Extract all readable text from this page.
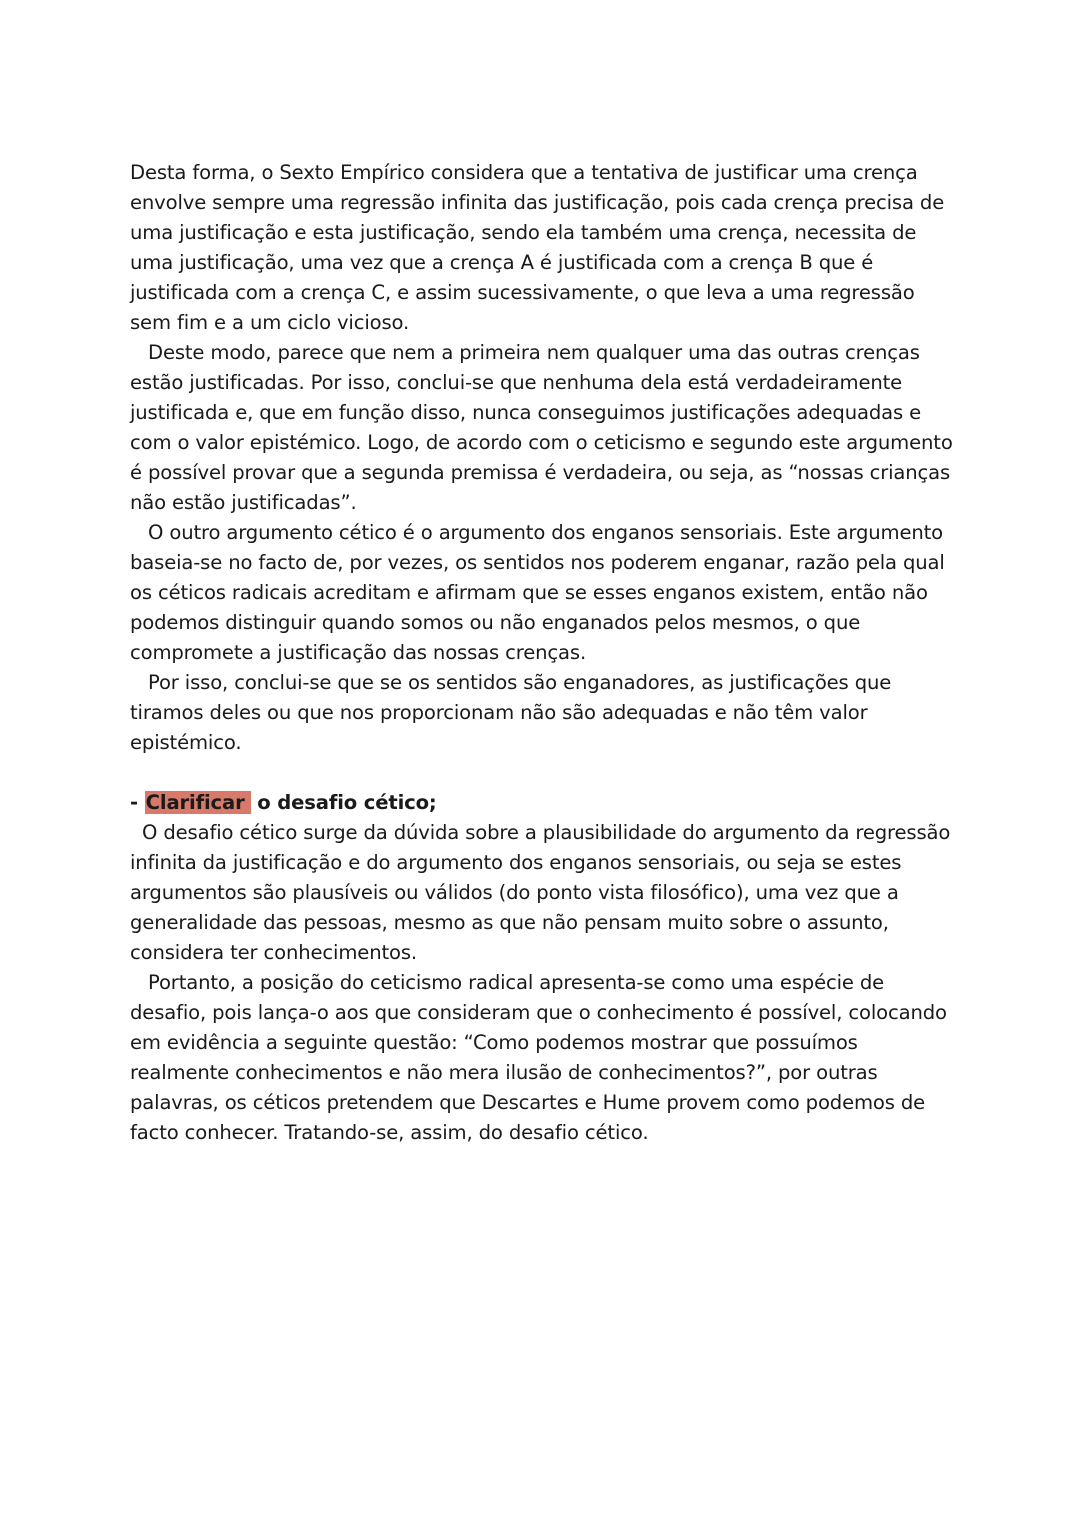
Desta forma, o Sexto Empírico considera que a tentativa de justificar uma crença envolve sempre uma regressão infinita das justificação, pois cada crença precisa de uma justificação e esta justificação, sendo ela também uma crença, necessita de uma justificação, uma vez que a crença A é justificada com a crença B que é justificada com a crença C, e assim sucessivamente, o que leva a uma regressão sem fim e a um ciclo vicioso.

Deste modo, parece que nem a primeira nem qualquer uma das outras crenças estão justificadas. Por isso, conclui-se que nenhuma dela está verdadeiramente justificada e, que em função disso, nunca conseguimos justificações adequadas e com o valor epistémico. Logo, de acordo com o ceticismo e segundo este argumento é possível provar que a segunda premissa é verdadeira, ou seja, as “nossas crianças não estão justificadas”.

O outro argumento cético é o argumento dos enganos sensoriais. Este argumento baseia-se no facto de, por vezes, os sentidos nos poderem enganar, razão pela qual os céticos radicais acreditam e afirmam que se esses enganos existem, então não podemos distinguir quando somos ou não enganados pelos mesmos, o que compromete a justificação das nossas crenças.

Por isso, conclui-se que se os sentidos são enganadores, as justificações que tiramos deles ou que nos proporcionam não são adequadas e não têm valor epistémico.

- Clarificar o desafio cético;

O desafio cético surge da dúvida sobre a plausibilidade do argumento da regressão infinita da justificação e do argumento dos enganos sensoriais, ou seja se estes argumentos são plausíveis ou válidos (do ponto vista filosófico), uma vez que a generalidade das pessoas, mesmo as que não pensam muito sobre o assunto, considera ter conhecimentos.

Portanto, a posição do ceticismo radical apresenta-se como uma espécie de desafio, pois lança-o aos que consideram que o conhecimento é possível, colocando em evidência a seguinte questão: “Como podemos mostrar que possuímos realmente conhecimentos e não mera ilusão de conhecimentos?”, por outras palavras, os céticos pretendem que Descartes e Hume provem como podemos de facto conhecer. Tratando-se, assim, do desafio cético.
